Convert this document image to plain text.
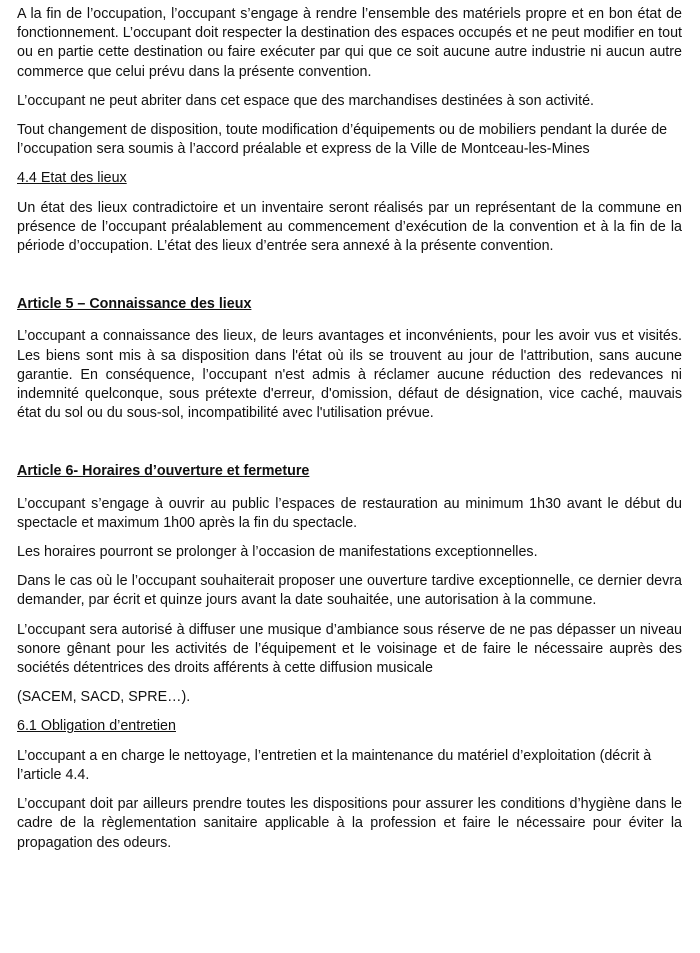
A la fin de l’occupation, l’occupant s’engage à rendre l’ensemble des matériels propre et en bon état de fonctionnement. L’occupant doit respecter la destination des espaces occupés et ne peut modifier en tout ou en partie cette destination ou faire exécuter par qui que ce soit aucune autre industrie ni aucun autre commerce que celui prévu dans la présente convention.

L’occupant ne peut abriter dans cet espace que des marchandises destinées à son activité.

Tout changement de disposition, toute modification d’équipements ou de mobiliers pendant la durée de l’occupation sera soumis à l’accord préalable et express de la Ville de Montceau-les-Mines

4.4 Etat des lieux

Un état des lieux contradictoire et un inventaire seront réalisés par un représentant de la commune en présence de l’occupant préalablement au commencement d’exécution de la convention et à la fin de la période d’occupation. L’état des lieux d’entrée sera annexé à la présente convention.

Article 5 – Connaissance des lieux

L’occupant a connaissance des lieux, de leurs avantages et inconvénients, pour les avoir vus et visités. Les biens sont mis à sa disposition dans l'état où ils se trouvent au jour de l'attribution, sans aucune garantie. En conséquence, l’occupant n'est admis à réclamer aucune réduction des redevances ni indemnité quelconque, sous prétexte d'erreur, d'omission, défaut de désignation, vice caché, mauvais état du sol ou du sous-sol, incompatibilité avec l'utilisation prévue.

Article 6- Horaires d’ouverture et fermeture

L’occupant s’engage à ouvrir au public l’espaces de restauration au minimum 1h30 avant le début du spectacle et maximum 1h00 après la fin du spectacle.

Les horaires pourront se prolonger à l’occasion de manifestations exceptionnelles.

Dans le cas où le l’occupant souhaiterait proposer une ouverture tardive exceptionnelle, ce dernier devra demander, par écrit et quinze jours avant la date souhaitée, une autorisation à la commune.

L’occupant sera autorisé à diffuser une musique d’ambiance sous réserve de ne pas dépasser un niveau sonore gênant pour les activités de l’équipement et le voisinage et de faire le nécessaire auprès des sociétés détentrices des droits afférents à cette diffusion musicale

(SACEM, SACD, SPRE…).

6.1 Obligation d’entretien

L’occupant a en charge le nettoyage, l’entretien et la maintenance du matériel d’exploitation (décrit à l’article 4.4.

L’occupant doit par ailleurs prendre toutes les dispositions pour assurer les conditions d’hygiène dans le cadre de la règlementation sanitaire applicable à la profession et faire le nécessaire pour éviter la propagation des odeurs.
